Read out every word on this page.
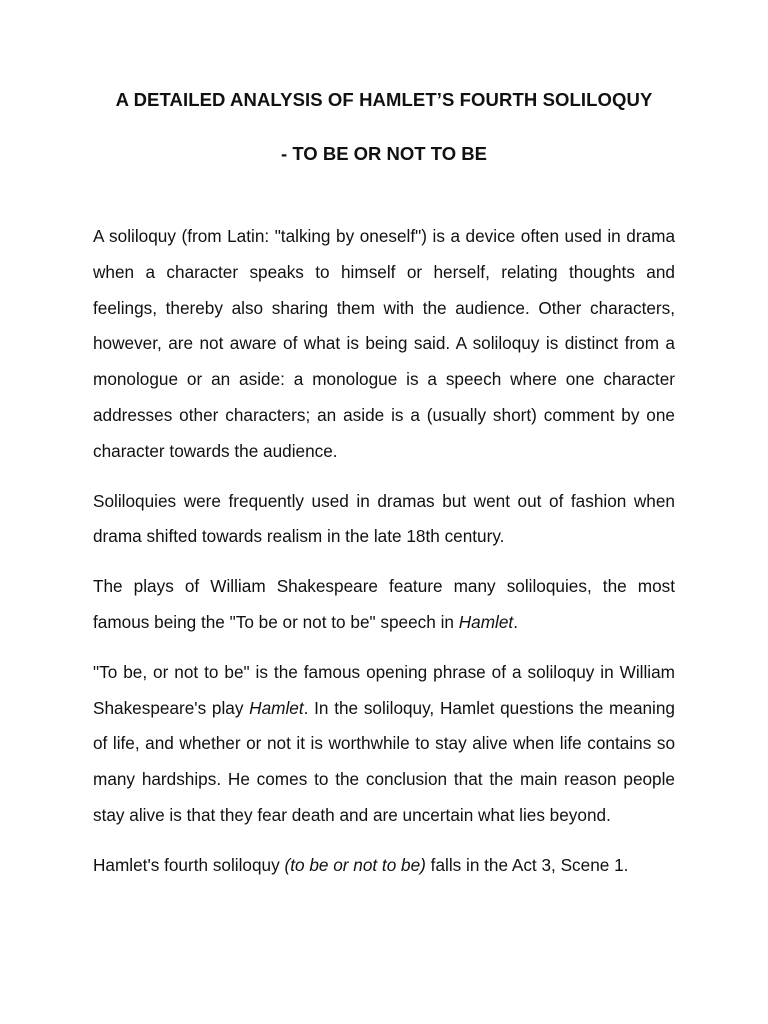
A DETAILED ANALYSIS OF HAMLET’S FOURTH SOLILOQUY
- TO BE OR NOT TO BE

A soliloquy (from Latin: "talking by oneself") is a device often used in drama when a character speaks to himself or herself, relating thoughts and feelings, thereby also sharing them with the audience. Other characters, however, are not aware of what is being said. A soliloquy is distinct from a monologue or an aside: a monologue is a speech where one character addresses other characters; an aside is a (usually short) comment by one character towards the audience.

Soliloquies were frequently used in dramas but went out of fashion when drama shifted towards realism in the late 18th century.

The plays of William Shakespeare feature many soliloquies, the most famous being the "To be or not to be" speech in Hamlet.

"To be, or not to be" is the famous opening phrase of a soliloquy in William Shakespeare's play Hamlet. In the soliloquy, Hamlet questions the meaning of life, and whether or not it is worthwhile to stay alive when life contains so many hardships. He comes to the conclusion that the main reason people stay alive is that they fear death and are uncertain what lies beyond.

Hamlet's fourth soliloquy (to be or not to be) falls in the Act 3, Scene 1.
